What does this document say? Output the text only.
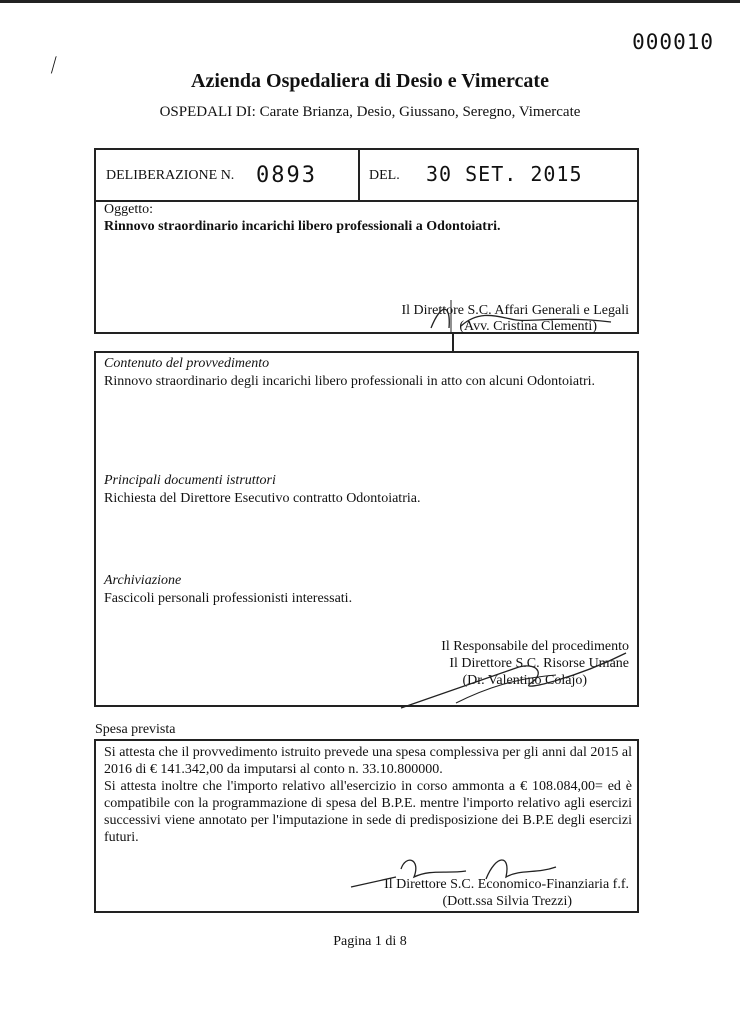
000010
⁄
Azienda Ospedaliera di Desio e Vimercate
OSPEDALI DI: Carate Brianza, Desio, Giussano, Seregno, Vimercate
DELIBERAZIONE N. 0893	DEL. 30 SET. 2015
Oggetto:
Rinnovo straordinario incarichi libero professionali a Odontoiatri.
Il Direttore S.C. Affari Generali e Legali
(Avv. Cristina Clementi)
Contenuto del provvedimento
Rinnovo straordinario degli incarichi libero professionali in atto con alcuni Odontoiatri.
Principali documenti istruttori
Richiesta del Direttore Esecutivo contratto Odontoiatria.
Archiviazione
Fascicoli personali professionisti interessati.
Il Responsabile del procedimento
Il Direttore S.C. Risorse Umane
(Dr. Valentino Colajo)
Spesa prevista
Si attesta che il provvedimento istruito prevede una spesa complessiva per gli anni dal 2015 al 2016 di € 141.342,00 da imputarsi al conto n. 33.10.800000.
Si attesta inoltre che l'importo relativo all'esercizio in corso ammonta a € 108.084,00= ed è compatibile con la programmazione di spesa del B.P.E. mentre l'importo relativo agli esercizi successivi viene annotato per l'imputazione in sede di predisposizione dei B.P.E degli esercizi futuri.
Il Direttore S.C. Economico-Finanziaria f.f.
(Dott.ssa Silvia Trezzi)
Pagina 1 di 8
